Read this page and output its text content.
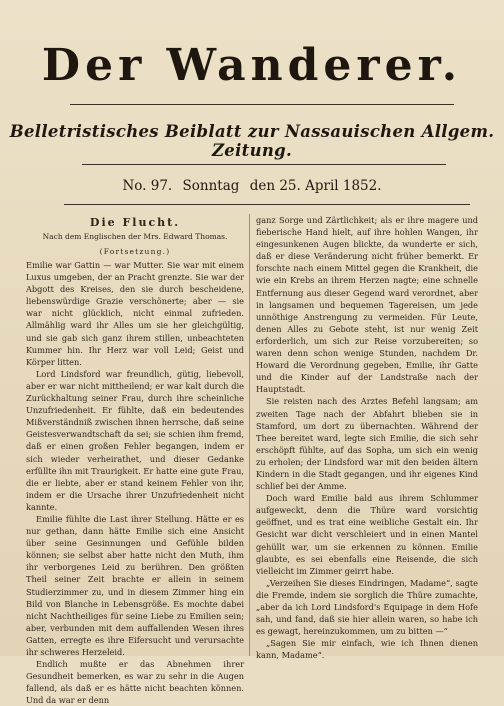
Der Wanderer.
Belletristisches Beiblatt zur Nassauischen Allgem. Zeitung.
No. 97. Sonntag den 25. April 1852.
Die Flucht.
Nach dem Englischen der Mrs. Edward Thomas.
(Fortsetzung.)

Emilie war Gattin — war Mutter. Sie war mit einem Luxus umgeben, der an Pracht grenzte. Sie war der Abgott des Kreises, den sie durch bescheidene, liebenswürdige Grazie verschönerte; aber — sie war nicht glücklich, nicht einmal zufrieden. Allmählig ward ihr Alles um sie her gleichgültig, und sie gab sich ganz ihrem stillen, unbeachteten Kummer hin. Ihr Herz war voll Leid; Geist und Körper litten.

Lord Lindsford war freundlich, gütig, liebevoll, aber er war nicht mittheilend; er war kalt durch die Zurückhaltung seiner Frau, durch ihre scheinliche Unzufriedenheit. Er fühlte, daß ein bedeutendes Mißverständniß zwischen ihnen herrsche, daß seine Geistesverwandtschaft da sei; sie schien ihm fremd, daß er einen großen Fehler begangen, indem er sich wieder verheirathet, und dieser Gedanke erfüllte ihn mit Traurigkeit. Er hatte eine gute Frau, die er liebte, aber er stand keinem Fehler von ihr, indem er die Ursache ihrer Unzufriedenheit nicht kannte.

Emilie fühlte die Last ihrer Stellung. Hätte er es nur gethan, dann hätte Emilie sich eine Ansicht über seine Gesinnungen und Gefühle bilden können; sie selbst aber hatte nicht den Muth, ihm ihr verborgenes Leid zu berühren. Den größten Theil seiner Zeit brachte er allein in seinem Studierzimmer zu, und in diesem Zimmer hing ein Bild von Blanche in Lebensgröße. Es mochte dabei nicht Nachtheiliges für seine Liebe zu Emilien sein; aber, verbunden mit dem auffallenden Wesen ihres Gatten, erregte es ihre Eifersucht und verursachte ihr schweres Herzeleid.

Endlich mußte er das Abnehmen ihrer Gesundheit bemerken, es war zu sehr in die Augen fallend, als daß er es hätte nicht beachten können. Und da war er denn

ganz Sorge und Zärtlichkeit; als er ihre magere und fieberische Hand hielt, auf ihre hohlen Wangen, ihr eingesunkenen Augen blickte, da wunderte er sich, daß er diese Veränderung nicht früher bemerkt. Er forschte nach einem Mittel gegen die Krankheit, die wie ein Krebs an ihrem Herzen nagte; eine schnelle Entfernung aus dieser Gegend ward verordnet, aber in langsamen und bequemen Tagereisen, um jede unnöthige Anstrengung zu vermeiden. Für Leute, denen Alles zu Gebote steht, ist nur wenig Zeit erforderlich, um sich zur Reise vorzubereiten; so waren denn schon wenige Stunden, nachdem Dr. Howard die Verordnung gegeben, Emilie, ihr Gatte und die Kinder auf der Landstraße nach der Hauptstadt.

Sie reisten nach des Arztes Befehl langsam; am zweiten Tage nach der Abfahrt blieben sie in Stamford, um dort zu übernachten. Während der Thee bereitet ward, legte sich Emilie, die sich sehr erschöpft fühlte, auf das Sopha, um sich ein wenig zu erholen; der Lindsford war mit den beiden ältern Kindern in die Stadt gegangen, und ihr eigenes Kind schlief bei der Amme.

Doch ward Emilie bald aus ihrem Schlummer aufgeweckt, denn die Thüre ward vorsichtig geöffnet, und es trat eine weibliche Gestalt ein. Ihr Gesicht war dicht verschleiert und in einen Mantel gehüllt war, um sie erkennen zu können. Emilie glaubte, es sei ebenfalls eine Reisende, die sich vielleicht im Zimmer geirrt habe.

„Verzeihen Sie dieses Eindringen, Madame“, sagte die Fremde, indem sie sorglich die Thüre zumachte, „aber da ich Lord Lindsford's Equipage in dem Hofe sah, und fand, daß sie hier allein waren, so habe ich es gewagt, hereinzukommen, um zu bitten —“

„Sagen Sie mir einfach, wie ich Ihnen dienen kann, Madame“.
